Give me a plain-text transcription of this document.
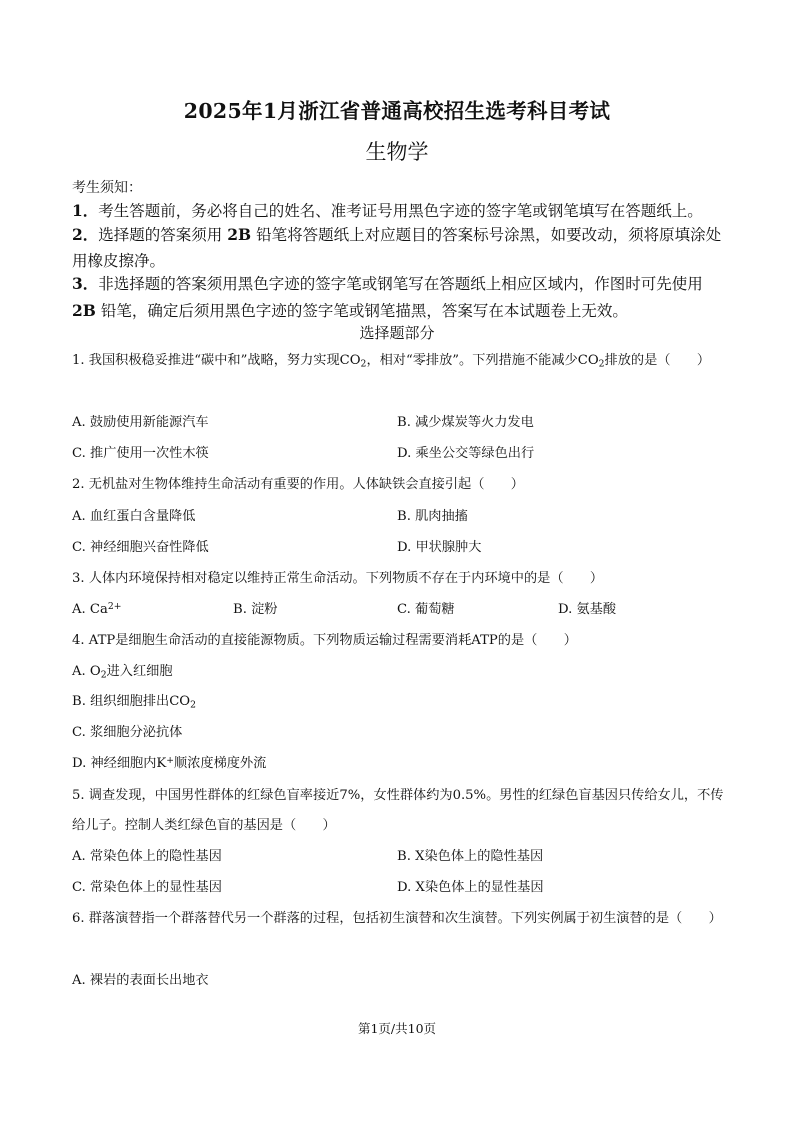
2025年1月浙江省普通高校招生选考科目考试
生物学
考生须知：
1．考生答题前，务必将自己的姓名、准考证号用黑色字迹的签字笔或钢笔填写在答题纸上。
2．选择题的答案须用 2B 铅笔将答题纸上对应题目的答案标号涂黑，如要改动，须将原填涂处用橡皮擦净。
3．非选择题的答案须用黑色字迹的签字笔或钢笔写在答题纸上相应区域内，作图时可先使用
2B 铅笔，确定后须用黑色字迹的签字笔或钢笔描黑，答案写在本试题卷上无效。
选择题部分
1. 我国积极稳妥推进“碳中和”战略，努力实现$CO_2$，相对“零排放”。下列措施不能减少$CO_2$排放的是（　　）
A. 鼓励使用新能源汽车	B. 减少煤炭等火力发电
C. 推广使用一次性木筷	D. 乘坐公交等绿色出行
2. 无机盐对生物体维持生命活动有重要的作用。人体缺铁会直接引起（　　）
A. 血红蛋白含量降低	B. 肌肉抽搐
C. 神经细胞兴奋性降低	D. 甲状腺肿大
3. 人体内环境保持相对稳定以维持正常生命活动。下列物质不存在于内环境中的是（　　）
A. $Ca^{2+}$	B. 淀粉	C. 葡萄糖	D. 氨基酸
4. ATP是细胞生命活动的直接能源物质。下列物质运输过程需要消耗ATP的是（　　）
A. $O_2$进入红细胞
B. 组织细胞排出$CO_2$
C. 浆细胞分泌抗体
D. 神经细胞内K+顺浓度梯度外流
5. 调查发现，中国男性群体的红绿色盲率接近7%，女性群体约为0.5%。男性的红绿色盲基因只传给女儿，不传给儿子。控制人类红绿色盲的基因是（　　）
A. 常染色体上的隐性基因	B. X染色体上的隐性基因
C. 常染色体上的显性基因	D. X染色体上的显性基因
6. 群落演替指一个群落替代另一个群落的过程，包括初生演替和次生演替。下列实例属于初生演替的是（　　）
A. 裸岩的表面长出地衣
第1页/共10页
